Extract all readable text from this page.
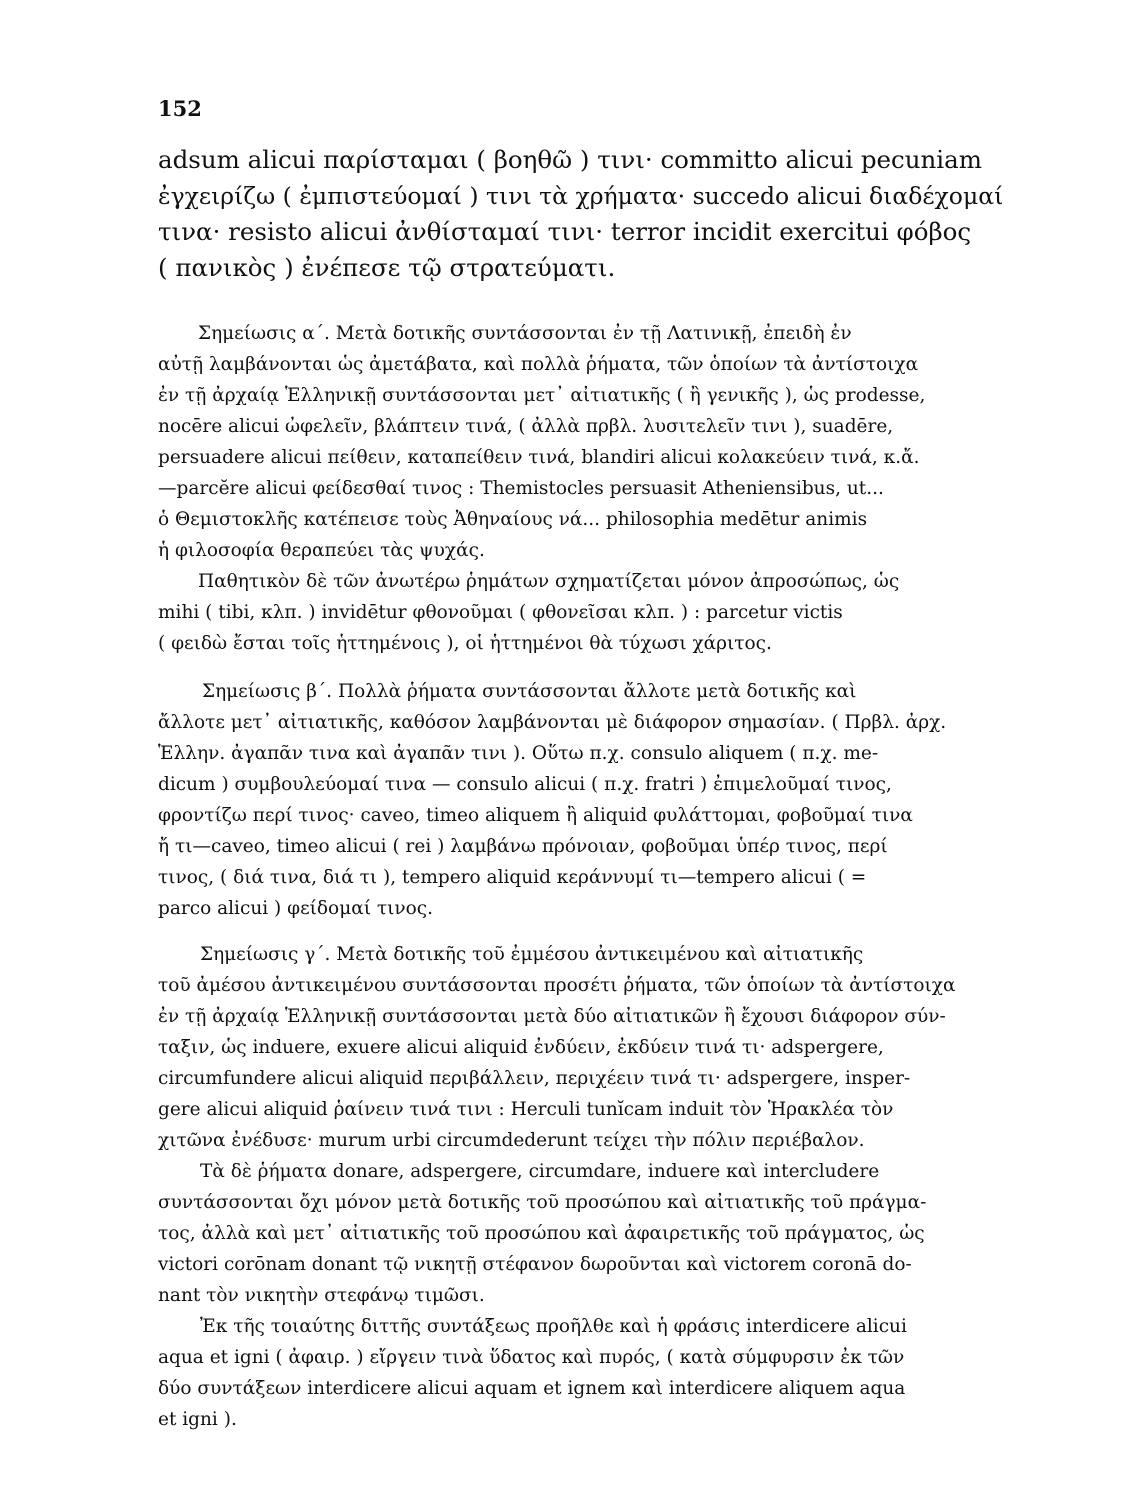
152
adsum alicui παρίσταμαι ( βοηθῶ ) τινι· committo alicui pecuniam
ἐγχειρίζω ( ἐμπιστεύομαί ) τινι τὰ χρήματα· succedo alicui διαδέχομαί
τινα· resisto alicui ἀνθίσταμαί τινι· terror incidit exercitui φόβος
( πανικὸς ) ἐνέπεσε τῷ στρατεύματι.
Σημείωσις α΄. Μετὰ δοτικῆς συντάσσονται ἐν τῇ Λατινικῇ, ἐπειδὴ ἐν
αὐτῇ λαμβάνονται ὡς ἀμετάβατα, καὶ πολλὰ ῥήματα, τῶν ὁποίων τὰ ἀντίστοιχα
ἐν τῇ ἀρχαίᾳ Ἑλληνικῇ συντάσσονται μετ᾽ αἰτιατικῆς ( ἢ γενικῆς ), ὡς prodesse,
nocēre alicui ὠφελεῖν, βλάπτειν τινά, ( ἀλλὰ πρβλ. λυσιτελεῖν τινι ), suadēre,
persuadere alicui πείθειν, καταπείθειν τινά, blandiri alicui κολακεύειν τινά, κ.ἄ.
—parcĕre alicui φείδεσθαί τινος : Themistocles persuasit Atheniensibus, ut...
ὁ Θεμιστοκλῆς κατέπεισε τοὺς Ἀθηναίους νά... philosophia medētur animis
ἡ φιλοσοφία θεραπεύει τὰς ψυχάς.
Παθητικὸν δὲ τῶν ἀνωτέρω ῥημάτων σχηματίζεται μόνον ἀπροσώπως, ὡς
mihi ( tibi, κλπ. ) invidētur φθονοῦμαι ( φθονεῖσαι κλπ. ) : parcetur victis
( φειδὼ ἔσται τοῖς ἡττημένοις ), οἱ ἡττημένοι θὰ τύχωσι χάριτος.
Σημείωσις β΄. Πολλὰ ῥήματα συντάσσονται ἄλλοτε μετὰ δοτικῆς καὶ
ἄλλοτε μετ᾽ αἰτιατικῆς, καθόσον λαμβάνονται μὲ διάφορον σημασίαν. ( Πρβλ. ἀρχ.
Ἑλλην. ἀγαπᾶν τινα καὶ ἀγαπᾶν τινι ). Οὕτω π.χ. consulo aliquem ( π.χ. me-
dicum ) συμβουλεύομαί τινα — consulo alicui ( π.χ. fratri ) ἐπιμελοῦμαί τινος,
φροντίζω περί τινος· caveo, timeo aliquem ἢ aliquid φυλάττομαι, φοβοῦμαί τινα
ἤ τι—caveo, timeo alicui ( rei ) λαμβάνω πρόνοιαν, φοβοῦμαι ὑπέρ τινος, περί
τινος, ( διά τινα, διά τι ), tempero aliquid κεράννυμί τι—tempero alicui ( =
parco alicui ) φείδομαί τινος.
Σημείωσις γ΄. Μετὰ δοτικῆς τοῦ ἐμμέσου ἀντικειμένου καὶ αἰτιατικῆς
τοῦ ἀμέσου ἀντικειμένου συντάσσονται προσέτι ῥήματα, τῶν ὁποίων τὰ ἀντίστοιχα
ἐν τῇ ἀρχαίᾳ Ἑλληνικῇ συντάσσονται μετὰ δύο αἰτιατικῶν ἢ ἔχουσι διάφορον σύν-
ταξιν, ὡς induere, exuere alicui aliquid ἐνδύειν, ἐκδύειν τινά τι· adspergere,
circumfundere alicui aliquid περιβάλλειν, περιχέειν τινά τι· adspergere, insper-
gere alicui aliquid ῥαίνειν τινά τινι : Herculi tunĭcam induit τὸν Ἡρακλέα τὸν
χιτῶνα ἐνέδυσε· murum urbi circumdederunt τείχει τὴν πόλιν περιέβαλον.
Τὰ δὲ ῥήματα donare, adspergere, circumdare, induere καὶ intercludere
συντάσσονται ὄχι μόνον μετὰ δοτικῆς τοῦ προσώπου καὶ αἰτιατικῆς τοῦ πράγμα-
τος, ἀλλὰ καὶ μετ᾽ αἰτιατικῆς τοῦ προσώπου καὶ ἀφαιρετικῆς τοῦ πράγματος, ὡς
victori corōnam donant τῷ νικητῇ στέφανον δωροῦνται καὶ victorem coronā do-
nant τὸν νικητὴν στεφάνῳ τιμῶσι.
Ἐκ τῆς τοιαύτης διττῆς συντάξεως προῆλθε καὶ ἡ φράσις interdicere alicui
aqua et igni ( ἀφαιρ. ) εἴργειν τινὰ ὕδατος καὶ πυρός, ( κατὰ σύμφυρσιν ἐκ τῶν
δύο συντάξεων interdicere alicui aquam et ignem καὶ interdicere aliquem aqua
et igni ).
